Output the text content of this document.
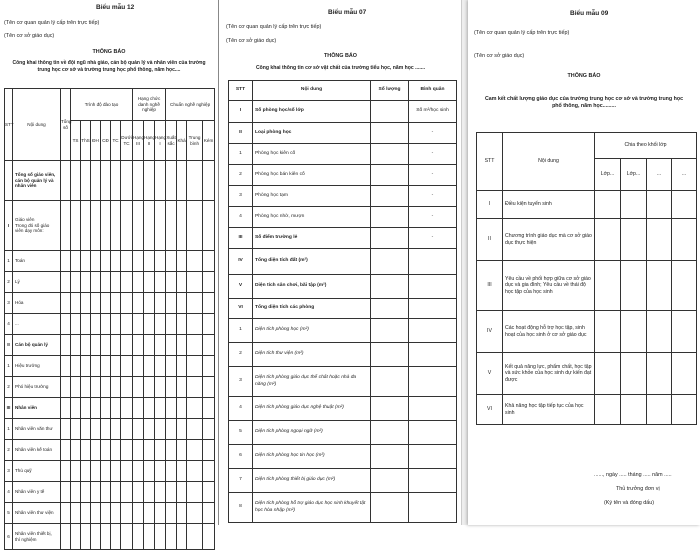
Biểu mẫu 12
(Tên cơ quan quản lý cấp trên trực tiếp)
(Tên cơ sở giáo dục)
THÔNG BÁO
Công khai thông tin về đội ngũ nhà giáo, cán bộ quản lý và nhân viên của trường trung học cơ sở và trường trung học phổ thông, năm học....
STT	Nội dung	Tổng số	Trình độ đào tạo						Hạng chức danh nghề nghiệp			Chuẩn nghề nghiệp			
			TS	ThS	ĐH	CĐ	TC	Dưới TC	Hạng III	Hạng II	Hạng I	Xuất sắc	Khá	Trung bình	Kém
	Tổng số giáo viên, cán bộ quản lý và nhân viên														
I	Giáo viên
Trong đó số giáo viên dạy môn:														

1	Toán														
2	Lý														
3	Hóa														
4	...														
II	Cán bộ quản lý														
1	Hiệu trưởng														
2	Phó hiệu trưởng														
III	Nhân viên														
1	Nhân viên văn thư														
2	Nhân viên kế toán														
3	Thủ quỹ														
4	Nhân viên y tế														
5	Nhân viên thư viện														
6	Nhân viên thiết bị, thí nghiệm														
Biểu mẫu 07
(Tên cơ quan quản lý cấp trên trực tiếp)
(Tên cơ sở giáo dục)
THÔNG BÁO
Công khai thông tin cơ sở vật chất của trường tiểu học, năm học .......
STT	Nội dung	Số lượng	Bình quân
I	Số phòng học/số lớp		Số m²/học sinh
II	Loại phòng học		-
1	Phòng học kiên cố		-
2	Phòng học bán kiên cố		-
3	Phòng học tạm		-
4	Phòng học nhờ, mượn		-
III	Số điểm trường lẻ		-
IV	Tổng diện tích đất (m²)		
V	Diện tích sân chơi, bãi tập (m²)		
VI	Tổng diện tích các phòng		
1	Diện tích phòng học (m²)		
2	Diện tích thư viện (m²)		
3	Diện tích phòng giáo dục thể chất hoặc nhà đa năng (m²)		
4	Diện tích phòng giáo dục nghệ thuật (m²)		
5	Diện tích phòng ngoại ngữ (m²)		
6	Diện tích phòng học tin học (m²)		
7	Diện tích phòng thiết bị giáo dục (m²)		
8	Diện tích phòng hỗ trợ giáo dục học sinh khuyết tật học hòa nhập (m²)		
Biểu mẫu 09
(Tên cơ quan quản lý cấp trên trực tiếp)
(Tên cơ sở giáo dục)
THÔNG BÁO
Cam kết chất lượng giáo dục của trường trung học cơ sở và trường trung học phổ thông, năm học.........
STT	Nội dung	Chia theo khối lớp			
		Lớp...	Lớp...	...	...
I	Điều kiện tuyển sinh				
II	Chương trình giáo dục mà cơ sở giáo dục thực hiện				
III	Yêu cầu về phối hợp giữa cơ sở giáo dục và gia đình; Yêu cầu về thái độ học tập của học sinh				
IV	Các hoạt động hỗ trợ học tập, sinh hoạt của học sinh ở cơ sở giáo dục				
V	Kết quả năng lực, phẩm chất, học tập và sức khỏe của học sinh dự kiến đạt được				
VI	Khả năng học tập tiếp tục của học sinh				
......, ngày ..... tháng ..... năm .....
Thủ trưởng đơn vị
(Ký tên và đóng dấu)
